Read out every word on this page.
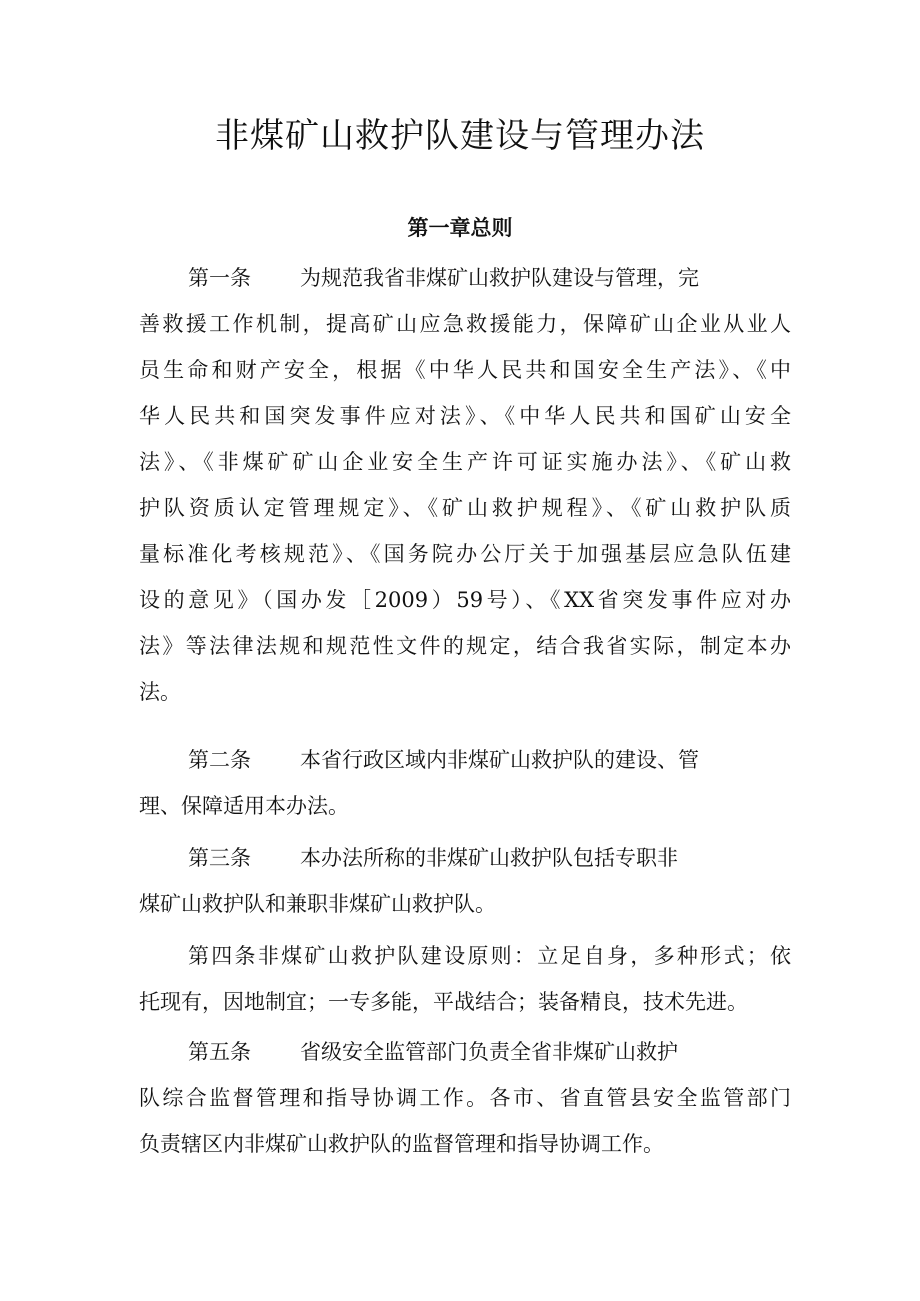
非煤矿山救护队建设与管理办法
第一章总则

第一条 为规范我省非煤矿山救护队建设与管理，完

善救援工作机制，提高矿山应急救援能力，保障矿山企业从业人

员生命和财产安全，根据《中华人民共和国安全生产法》、《中

华人民共和国突发事件应对法》、《中华人民共和国矿山安全

法》、《非煤矿矿山企业安全生产许可证实施办法》、《矿山救

护队资质认定管理规定》、《矿山救护规程》、《矿山救护队质

量标准化考核规范》、《国务院办公厅关于加强基层应急队伍建

设的意见》（国办发［2009）59号）、《XX省突发事件应对办

法》等法律法规和规范性文件的规定，结合我省实际，制定本办

法。

第二条 本省行政区域内非煤矿山救护队的建设、管

理、保障适用本办法。

第三条 本办法所称的非煤矿山救护队包括专职非

煤矿山救护队和兼职非煤矿山救护队。

第四条非煤矿山救护队建设原则：立足自身，多种形式；依

托现有，因地制宜；一专多能，平战结合；装备精良，技术先进。

第五条 省级安全监管部门负责全省非煤矿山救护

队综合监督管理和指导协调工作。各市、省直管县安全监管部门

负责辖区内非煤矿山救护队的监督管理和指导协调工作。
